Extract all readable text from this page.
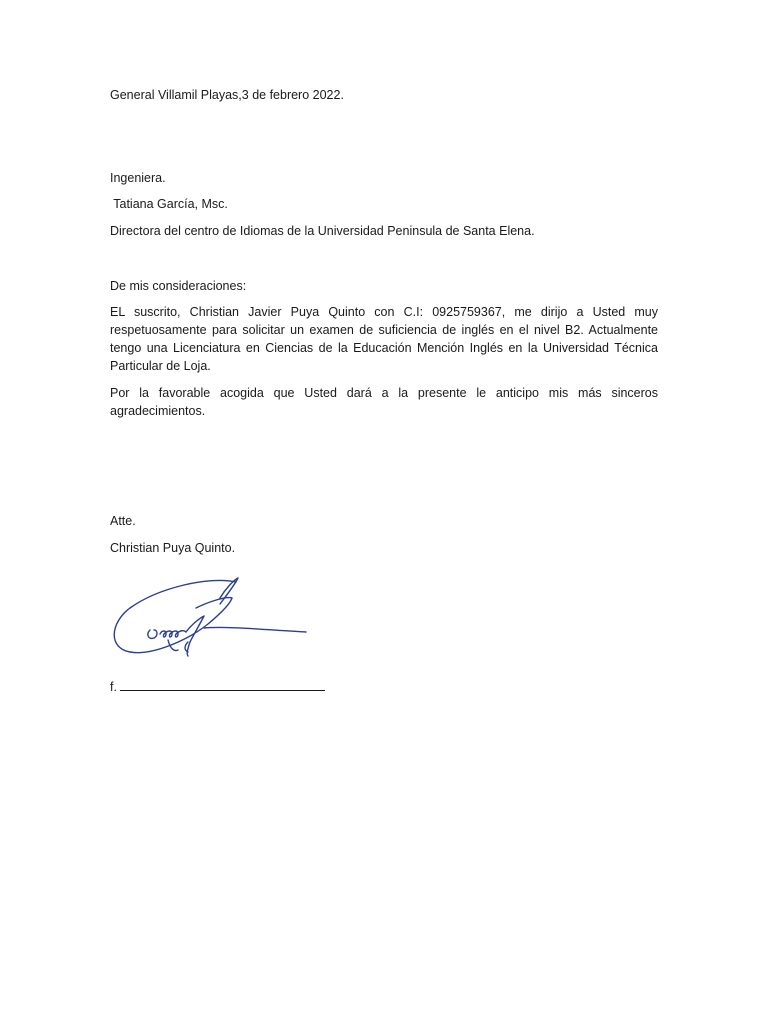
General Villamil Playas,3 de febrero 2022.
Ingeniera.
Tatiana García, Msc.
Directora del centro de Idiomas de la Universidad Peninsula de Santa Elena.
De mis consideraciones:
EL suscrito, Christian Javier Puya Quinto con C.I: 0925759367, me dirijo a Usted muy respetuosamente para solicitar un examen de suficiencia de inglés en el nivel B2. Actualmente tengo una Licenciatura en Ciencias de la Educación Mención Inglés en la Universidad Técnica Particular de Loja.
Por la favorable acogida que Usted dará a la presente le anticipo mis más sinceros agradecimientos.
Atte.
Christian Puya Quinto.
f.
